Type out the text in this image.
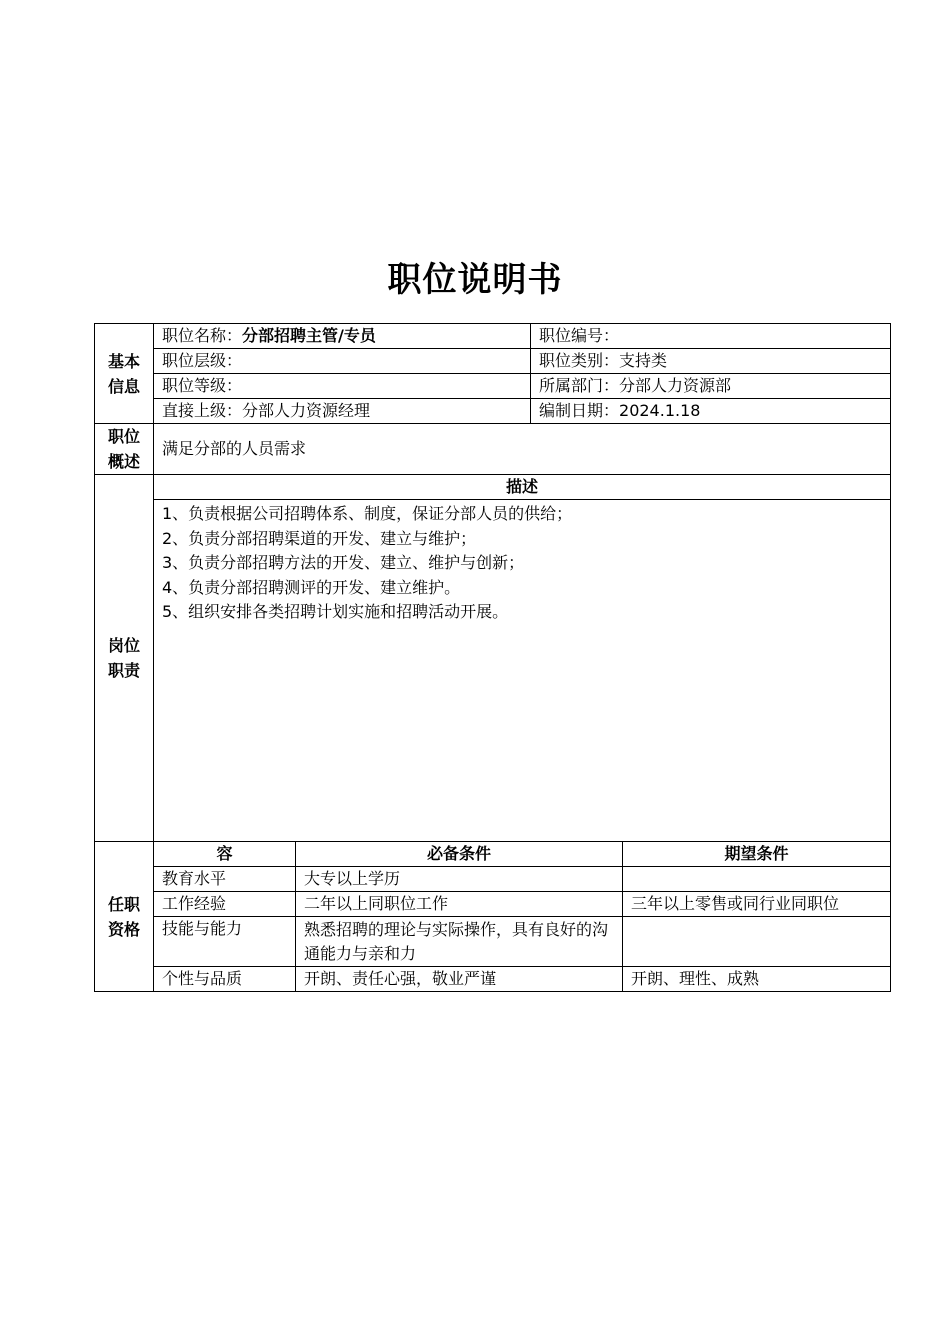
职位说明书
基本
信息	职位名称：分部招聘主管/专员		职位编号：	
	职位层级：		职位类别：支持类	
	职位等级：		所属部门：分部人力资源部	
	直接上级：分部人力资源经理		编制日期：2024.1.18	

职位
概述	满足分部的人员需求			

岗位
职责	描述			

	1、负责根据公司招聘体系、制度，保证分部人员的供给；
2、负责分部招聘渠道的开发、建立与维护；
3、负责分部招聘方法的开发、建立、维护与创新；
4、负责分部招聘测评的开发、建立维护。
5、组织安排各类招聘计划实施和招聘活动开展。			

任职
资格	容	必备条件		期望条件
	教育水平	大专以上学历		
	工作经验	二年以上同职位工作		三年以上零售或同行业同职位
	技能与能力	熟悉招聘的理论与实际操作，具有良好的沟通能力与亲和力		
	个性与品质	开朗、责任心强，敬业严谨		开朗、理性、成熟
